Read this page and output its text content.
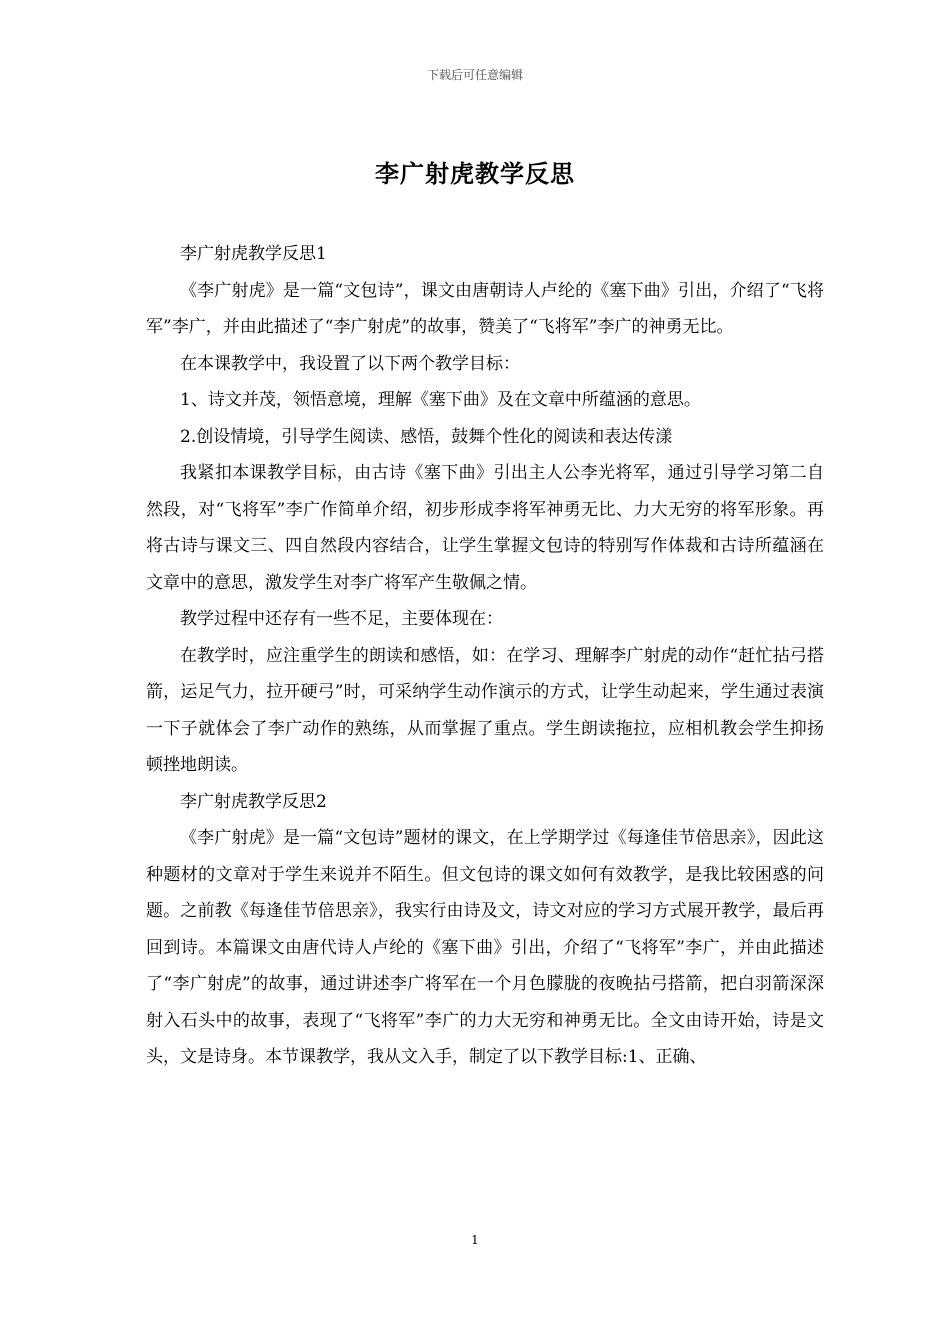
下载后可任意编辑
李广射虎教学反思

李广射虎教学反思1

《李广射虎》是一篇“文包诗”，课文由唐朝诗人卢纶的《塞下曲》引出，介绍了“飞将军”李广，并由此描述了“李广射虎”的故事，赞美了“飞将军”李广的神勇无比。

在本课教学中，我设置了以下两个教学目标：

1、诗文并茂，领悟意境，理解《塞下曲》及在文章中所蕴涵的意思。

2.创设情境，引导学生阅读、感悟，鼓舞个性化的阅读和表达传漾

我紧扣本课教学目标，由古诗《塞下曲》引出主人公李光将军，通过引导学习第二自然段，对“飞将军”李广作简单介绍，初步形成李将军神勇无比、力大无穷的将军形象。再将古诗与课文三、四自然段内容结合，让学生掌握文包诗的特别写作体裁和古诗所蕴涵在文章中的意思，激发学生对李广将军产生敬佩之情。

教学过程中还存有一些不足，主要体现在：

在教学时，应注重学生的朗读和感悟，如：在学习、理解李广射虎的动作“赶忙拈弓搭箭，运足气力，拉开硬弓”时，可采纳学生动作演示的方式，让学生动起来，学生通过表演一下子就体会了李广动作的熟练，从而掌握了重点。学生朗读拖拉，应相机教会学生抑扬顿挫地朗读。

李广射虎教学反思2

《李广射虎》是一篇“文包诗”题材的课文，在上学期学过《每逢佳节倍思亲》，因此这种题材的文章对于学生来说并不陌生。但文包诗的课文如何有效教学，是我比较困惑的问题。之前教《每逢佳节倍思亲》，我实行由诗及文，诗文对应的学习方式展开教学，最后再回到诗。本篇课文由唐代诗人卢纶的《塞下曲》引出，介绍了“飞将军”李广，并由此描述了“李广射虎”的故事，通过讲述李广将军在一个月色朦胧的夜晚拈弓搭箭，把白羽箭深深射入石头中的故事，表现了“飞将军”李广的力大无穷和神勇无比。全文由诗开始，诗是文头，文是诗身。本节课教学，我从文入手，制定了以下教学目标:1、正确、

1
